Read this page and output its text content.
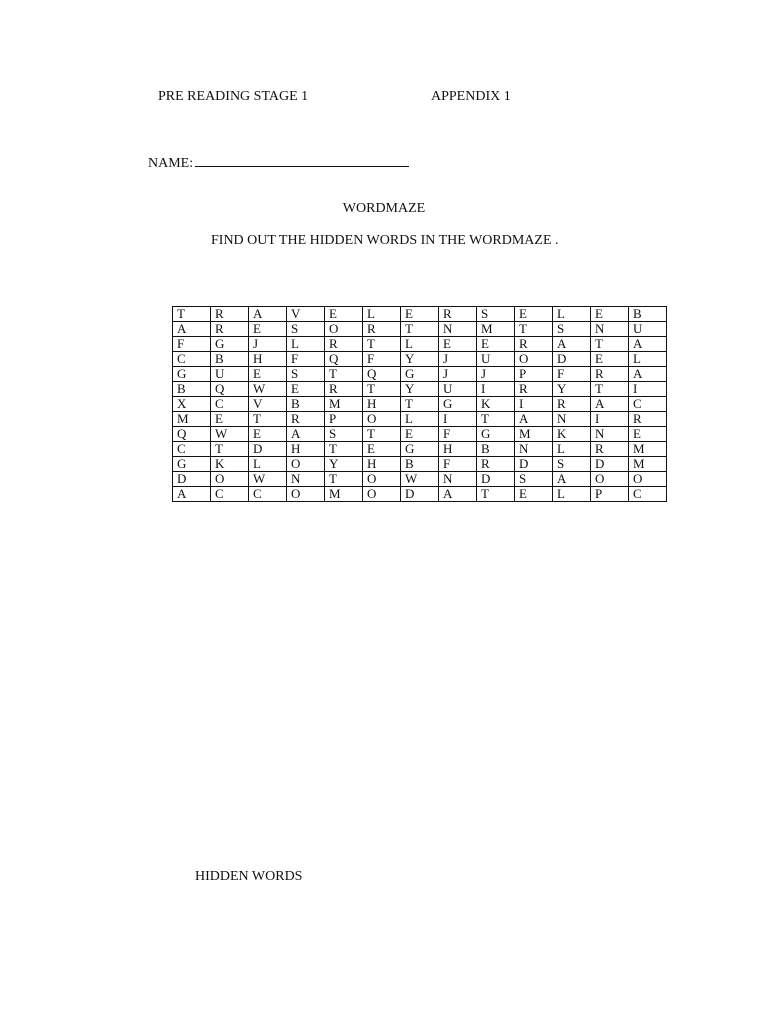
PRE READING STAGE 1	APPENDIX 1
NAME:
WORDMAZE
FIND OUT THE HIDDEN WORDS IN THE WORDMAZE .
T	R	A	V	E	L	E	R	S	E	L	E	B
A	R	E	S	O	R	T	N	M	T	S	N	U
F	G	J	L	R	T	L	E	E	R	A	T	A
C	B	H	F	Q	F	Y	J	U	O	D	E	L
G	U	E	S	T	Q	G	J	J	P	F	R	A
B	Q	W	E	R	T	Y	U	I	R	Y	T	I
X	C	V	B	M	H	T	G	K	I	R	A	C
M	E	T	R	P	O	L	I	T	A	N	I	R
Q	W	E	A	S	T	E	F	G	M	K	N	E
C	T	D	H	T	E	G	H	B	N	L	R	M
G	K	L	O	Y	H	B	F	R	D	S	D	M
D	O	W	N	T	O	W	N	D	S	A	O	O
A	C	C	O	M	O	D	A	T	E	L	P	C
HIDDEN WORDS
